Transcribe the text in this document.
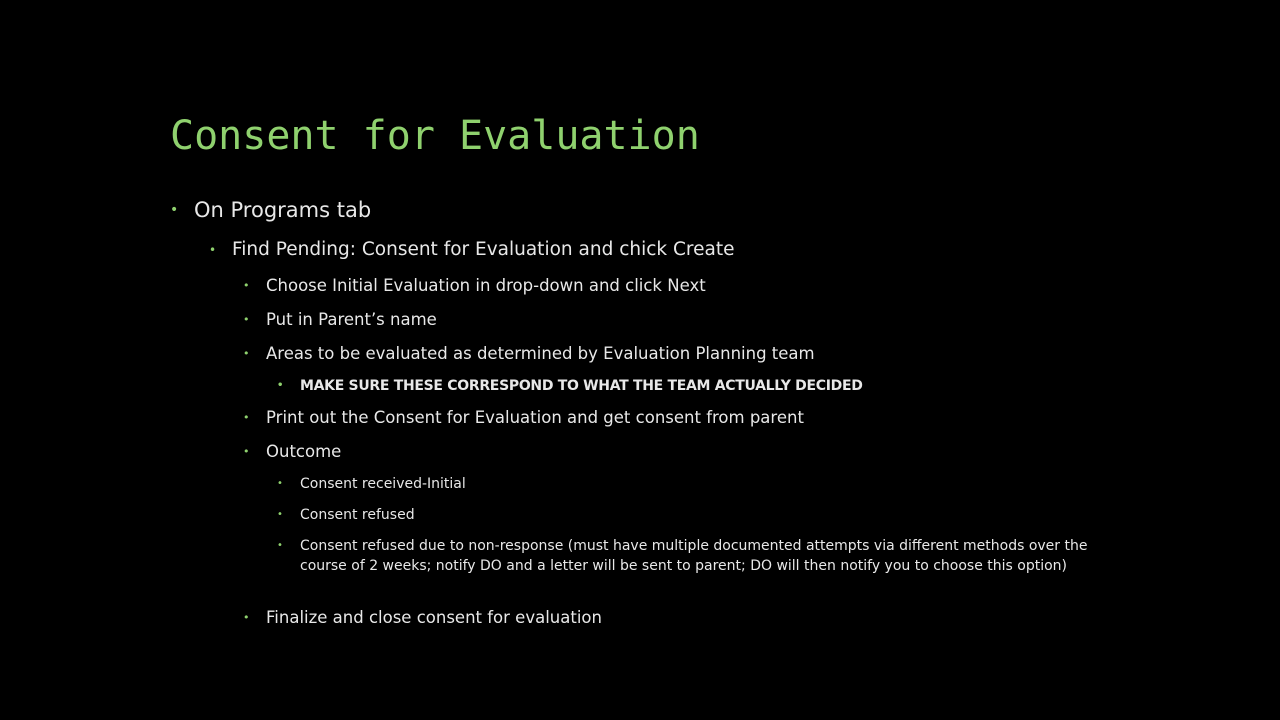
Consent for Evaluation
• On Programs tab
• Find Pending: Consent for Evaluation and chick Create
• Choose Initial Evaluation in drop-down and click Next
• Put in Parent’s name
• Areas to be evaluated as determined by Evaluation Planning team
• MAKE SURE THESE CORRESPOND TO WHAT THE TEAM ACTUALLY DECIDED
• Print out the Consent for Evaluation and get consent from parent
• Outcome
• Consent received-Initial
• Consent refused
• Consent refused due to non-response (must have multiple documented attempts via different methods over the course of 2 weeks; notify DO and a letter will be sent to parent; DO will then notify you to choose this option)
• Finalize and close consent for evaluation
